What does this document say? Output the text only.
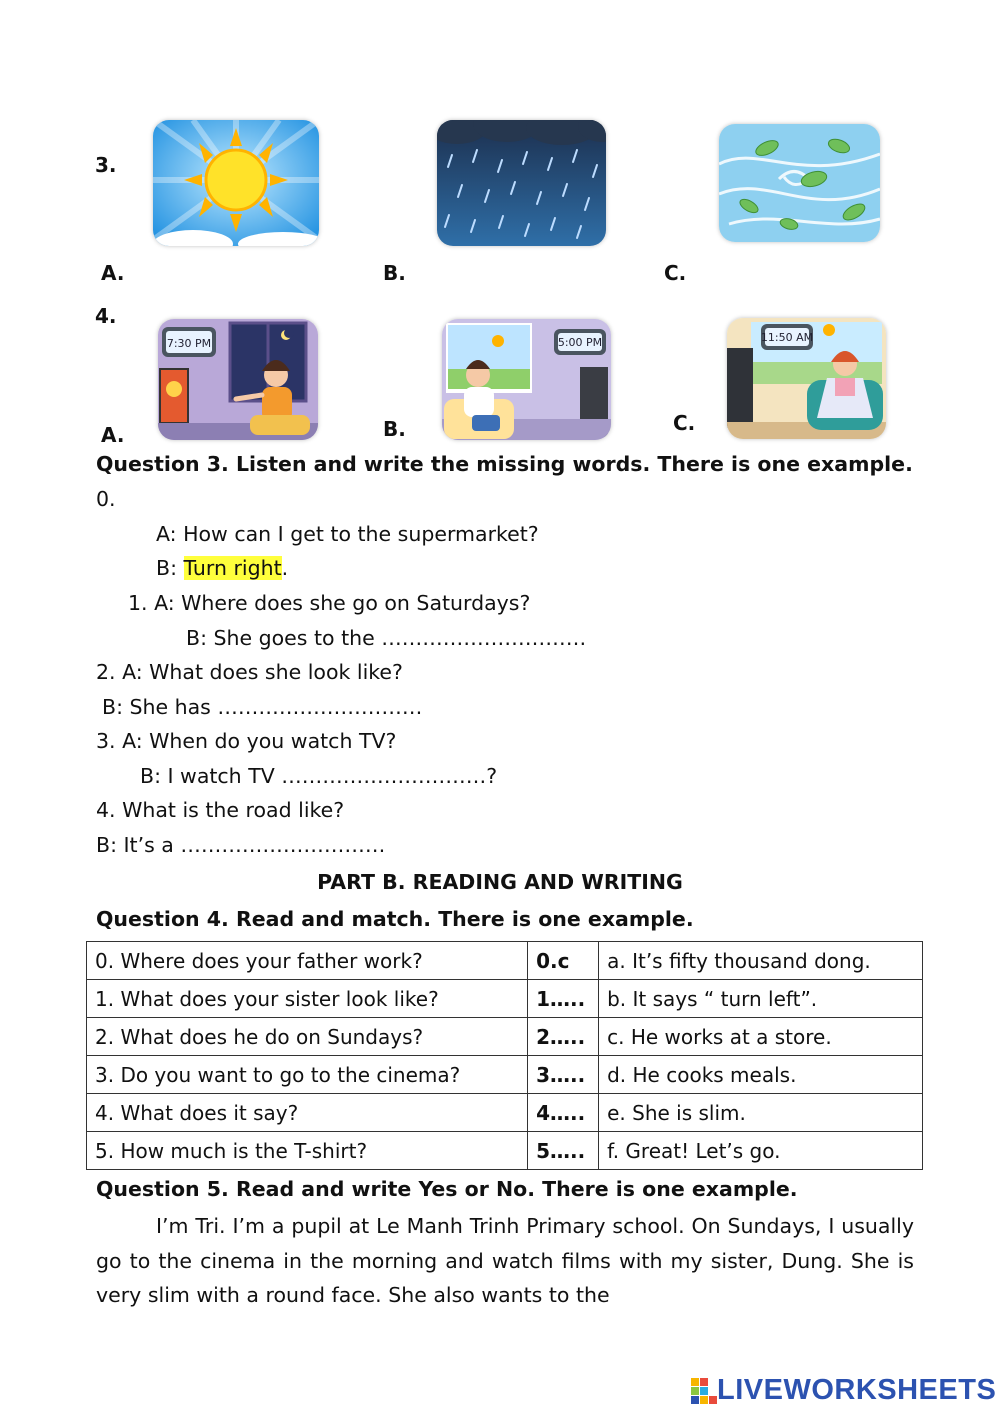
3.
A.	B.	C.
4.
7:30 PM	5:00 PM	11:50 AM
A.	B.	C.
Question 3. Listen and write the missing words. There is one example.
0.
A: How can I get to the supermarket?
B: Turn right.
1. A: Where does she go on Saturdays?
B: She goes to the …………………………
2. A: What does she look like?
B: She has …………………………
3. A: When do you watch TV?
B: I watch TV …………………………?
4. What is the road like?
B: It’s a …………………………
PART B. READING AND WRITING
Question 4. Read and match. There is one example.
0. Where does your father work?	0.c	a. It’s fifty thousand dong.
1. What does your sister look like?	1…..	b. It says “ turn left”.
2. What does he do on Sundays?	2…..	c. He works at a store.
3. Do you want to go to the cinema?	3…..	d. He cooks meals.
4. What does it say?	4…..	e. She is slim.
5. How much is the T-shirt?	5…..	f. Great! Let’s go.
Question 5. Read and write Yes or No. There is one example.
I’m Tri. I’m a pupil at Le Manh Trinh Primary school. On Sundays, I usually go to the cinema in the morning and watch films with my sister, Dung. She is very slim with a round face. She also wants to the
LIVEWORKSHEETS
